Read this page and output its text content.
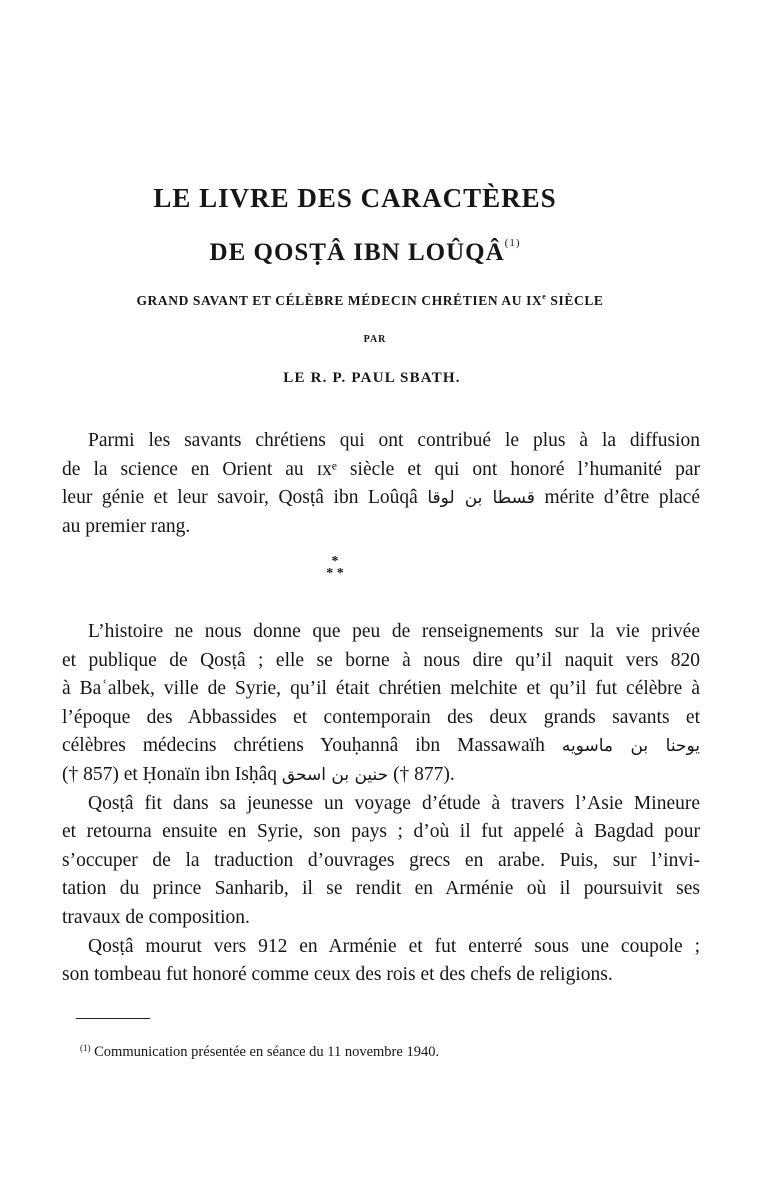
LE LIVRE DES CARACTÈRES
DE QOSṬÂ IBN LOÛQÂ$^{(1)}$
GRAND SAVANT ET CÉLÈBRE MÉDECIN CHRÉTIEN AU IXe SIÈCLE
PAR
LE R. P. PAUL SBATH.
Parmi les savants chrétiens qui ont contribué le plus à la diffusion
de la science en Orient au ɪxᵉ siècle et qui ont honoré l’humanité par
leur génie et leur savoir, Qosṭâ ibn Loûqâ قسطا بن لوقا mérite d’être placé
au premier rang.
*
* *
L’histoire ne nous donne que peu de renseignements sur la vie privée
et publique de Qosṭâ ; elle se borne à nous dire qu’il naquit vers 820
à Baʿalbek, ville de Syrie, qu’il était chrétien melchite et qu’il fut célèbre à
l’époque des Abbassides et contemporain des deux grands savants et
célèbres médecins chrétiens Youḥannâ ibn Massawaïh يوحنا بن ماسويه
(† 857) et Ḥonaïn ibn Isḥâq حنين بن اسحق († 877).
Qosṭâ fit dans sa jeunesse un voyage d’étude à travers l’Asie Mineure
et retourna ensuite en Syrie, son pays ; d’où il fut appelé à Bagdad pour
s’occuper de la traduction d’ouvrages grecs en arabe. Puis, sur l’invi-
tation du prince Sanharib, il se rendit en Arménie où il poursuivit ses
travaux de composition.
Qosṭâ mourut vers 912 en Arménie et fut enterré sous une coupole ;
son tombeau fut honoré comme ceux des rois et des chefs de religions.
$^{(1)}$ Communication présentée en séance du 11 novembre 1940.
